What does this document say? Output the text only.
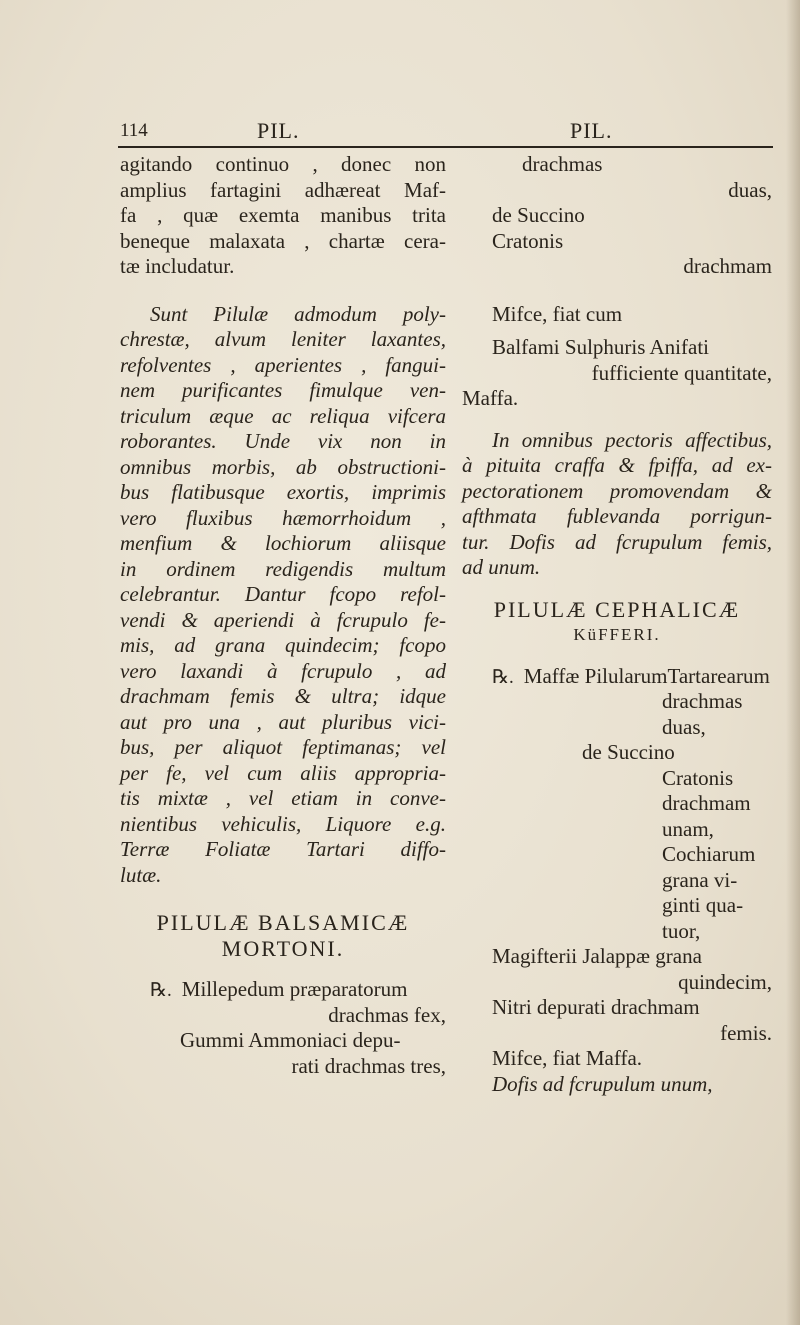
114	PIL.	PIL.
agitando continuo , donec non
amplius fartagini adhæreat Maf-
fa , quæ exemta manibus trita
beneque malaxata , chartæ cera-
tæ includatur.
Sunt Pilulæ admodum poly-
chrestæ, alvum leniter laxantes,
refolventes , aperientes , fangui-
nem purificantes fimulque ven-
triculum æque ac reliqua vifcera
roborantes. Unde vix non in
omnibus morbis, ab obstructioni-
bus flatibusque exortis, imprimis
vero fluxibus hæmorrhoidum ,
menfium & lochiorum aliisque
in ordinem redigendis multum
celebrantur. Dantur fcopo refol-
vendi & aperiendi à fcrupulo fe-
mis, ad grana quindecim; fcopo
vero laxandi à fcrupulo , ad
drachmam femis & ultra; idque
aut pro una , aut pluribus vici-
bus, per aliquot feptimanas; vel
per fe, vel cum aliis appropria-
tis mixtæ , vel etiam in conve-
nientibus vehiculis, Liquore e.g.
Terræ Foliatæ Tartari diffo-
lutæ.
PILULÆ BALSAMICÆ
MORTONI.
℞. Millepedum præparatorum
drachmas fex,
Gummi Ammoniaci depu-
rati drachmas tres,
drachmas
duas,
de Succino
Cratonis
drachmam
Mifce, fiat cum
Balfami Sulphuris Anifati
fufficiente quantitate,
Maffa.
In omnibus pectoris affectibus,
à pituita craffa & fpiffa, ad ex-
pectorationem promovendam &
afthmata fublevanda porrigun-
tur. Dofis ad fcrupulum femis,
ad unum.
PILULÆ CEPHALICÆ
KüFFERI.
℞. Maffæ PilularumTartarearum
drachmas
duas,
de Succino
Cratonis
drachmam
unam,
Cochiarum
grana vi-
ginti qua-
tuor,
Magifterii Jalappæ grana
quindecim,
Nitri depurati drachmam
femis.
Mifce, fiat Maffa.
Dofis ad fcrupulum unum,
